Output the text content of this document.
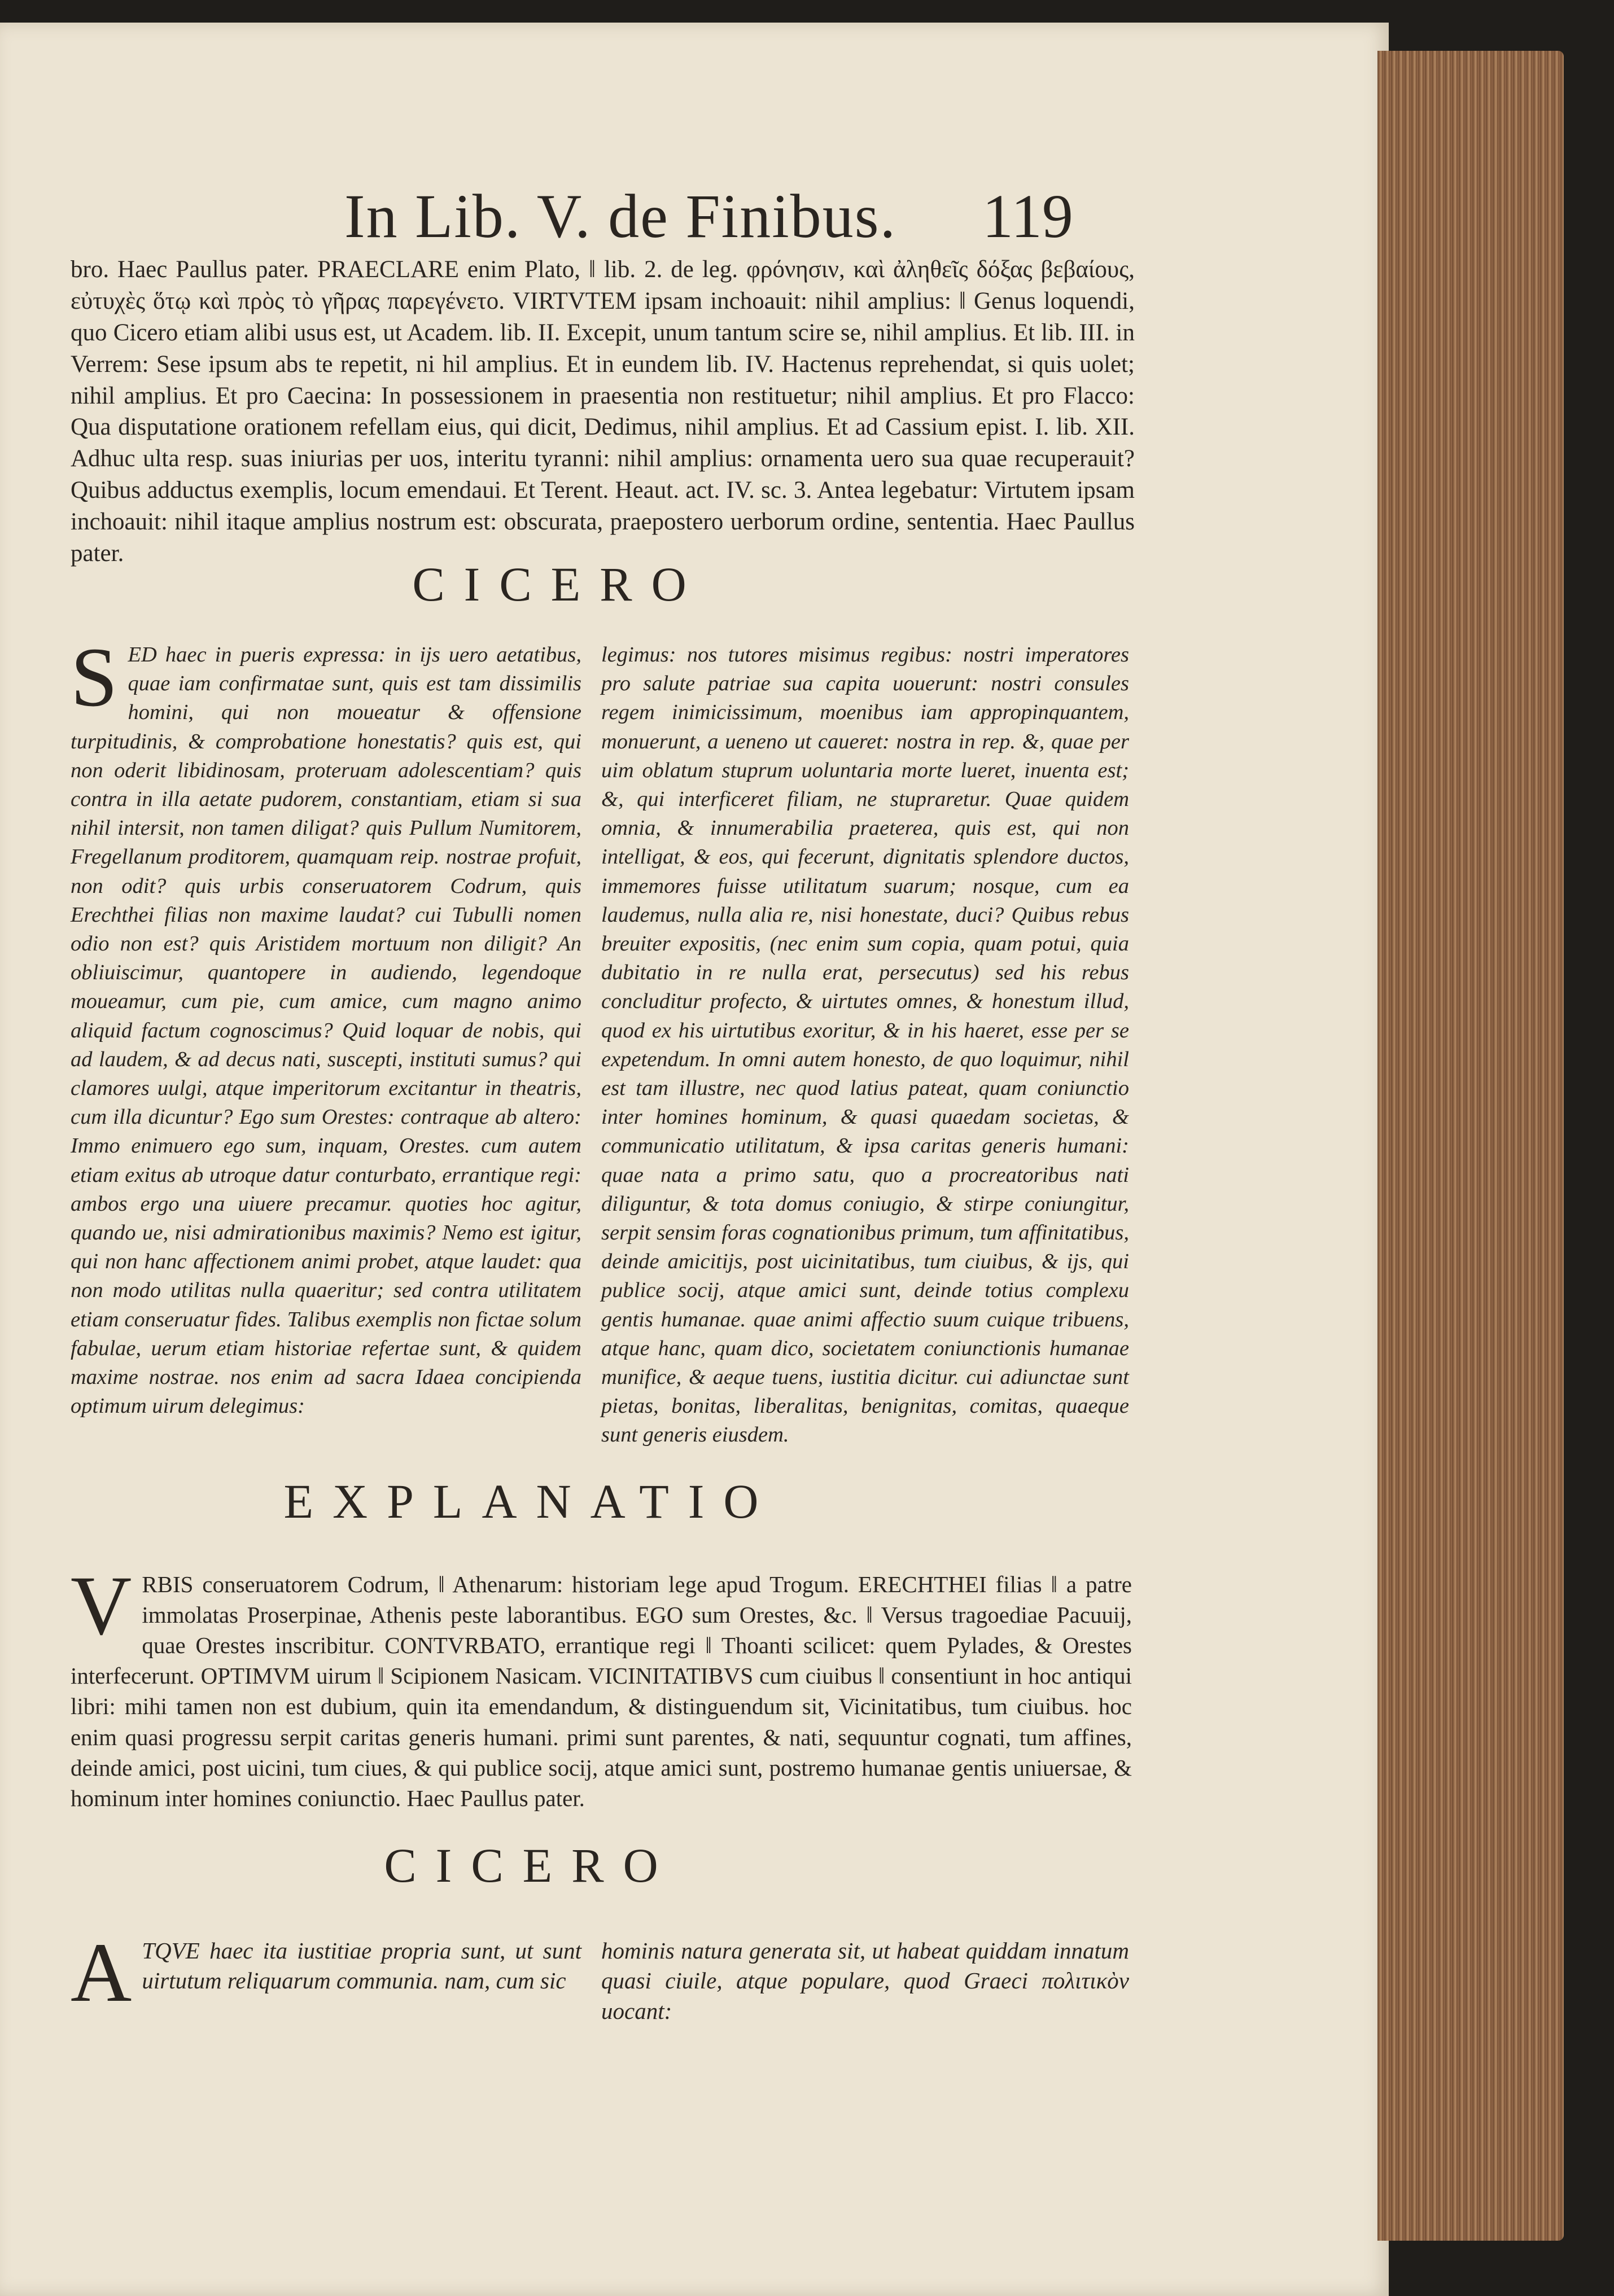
In Lib. V. de Finibus. 119

bro. Haec Paullus pater. PRAECLARE enim Plato, ‖ lib. 2. de leg. φρόνησιν, καὶ ἀληθεῖς δόξας βεβαίους, εὐτυχὲς ὅτῳ καὶ πρὸς τὸ γῆρας παρεγένετο. VIRTVTEM ipsam inchoauit: nihil amplius: ‖ Genus loquendi, quo Cicero etiam alibi usus est, ut Academ. lib. II. Excepit, unum tantum scire se, nihil amplius. Et lib. III. in Verrem: Sese ipsum abs te repetit, ni hil amplius. Et in eundem lib. IV. Hactenus reprehendat, si quis uolet; nihil amplius. Et pro Caecina: In possessionem in praesentia non restituetur; nihil amplius. Et pro Flacco: Qua disputatione orationem refellam eius, qui dicit, Dedimus, nihil amplius. Et ad Cassium epist. I. lib. XII. Adhuc ulta resp. suas iniurias per uos, interitu tyranni: nihil amplius: ornamenta uero sua quae recuperauit? Quibus adductus exemplis, locum emendaui. Et Terent. Heaut. act. IV. sc. 3. Antea legebatur: Virtutem ipsam inchoauit: nihil itaque amplius nostrum est: obscurata, praepostero uerborum ordine, sententia. Haec Paullus pater.

CICERO
S ED haec in pueris expressa: in ijs uero aetatibus, quae iam confirmatae sunt, quis est tam dissimilis homini, qui non moueatur & offensione turpitudinis, & comprobatione honestatis? quis est, qui non oderit libidinosam, proteruam adolescentiam? quis contra in illa aetate pudorem, constantiam, etiam si sua nihil intersit, non tamen diligat? quis Pullum Numitorem, Fregellanum proditorem, quamquam reip. nostrae profuit, non odit? quis urbis conseruatorem Codrum, quis Erechthei filias non maxime laudat? cui Tubulli nomen odio non est? quis Aristidem mortuum non diligit? An obliuiscimur, quantopere in audiendo, legendoque moueamur, cum pie, cum amice, cum magno animo aliquid factum cognoscimus? Quid loquar de nobis, qui ad laudem, & ad decus nati, suscepti, instituti sumus? qui clamores uulgi, atque imperitorum excitantur in theatris, cum illa dicuntur? Ego sum Orestes: contraque ab altero: Immo enimuero ego sum, inquam, Orestes. cum autem etiam exitus ab utroque datur conturbato, errantique regi: ambos ergo una uiuere precamur. quoties hoc agitur, quando ue, nisi admirationibus maximis? Nemo est igitur, qui non hanc affectionem animi probet, atque laudet: qua non modo utilitas nulla quaeritur; sed contra utilitatem etiam conseruatur fides. Talibus exemplis non fictae solum fabulae, uerum etiam historiae refertae sunt, & quidem maxime nostrae. nos enim ad sacra Idaea concipienda optimum uirum delegimus:

legimus: nos tutores misimus regibus: nostri imperatores pro salute patriae sua capita uouerunt: nostri consules regem inimicissimum, moenibus iam appropinquantem, monuerunt, a ueneno ut caueret: nostra in rep. &, quae per uim oblatum stuprum uoluntaria morte lueret, inuenta est; &, qui interficeret filiam, ne stupraretur. Quae quidem omnia, & innumerabilia praeterea, quis est, qui non intelligat, & eos, qui fecerunt, dignitatis splendore ductos, immemores fuisse utilitatum suarum; nosque, cum ea laudemus, nulla alia re, nisi honestate, duci? Quibus rebus breuiter expositis, (nec enim sum copia, quam potui, quia dubitatio in re nulla erat, persecutus) sed his rebus concluditur profecto, & uirtutes omnes, & honestum illud, quod ex his uirtutibus exoritur, & in his haeret, esse per se expetendum. In omni autem honesto, de quo loquimur, nihil est tam illustre, nec quod latius pateat, quam coniunctio inter homines hominum, & quasi quaedam societas, & communicatio utilitatum, & ipsa caritas generis humani: quae nata a primo satu, quo a procreatoribus nati diliguntur, & tota domus coniugio, & stirpe coniungitur, serpit sensim foras cognationibus primum, tum affinitatibus, deinde amicitijs, post uicinitatibus, tum ciuibus, & ijs, qui publice socij, atque amici sunt, deinde totius complexu gentis humanae. quae animi affectio suum cuique tribuens, atque hanc, quam dico, societatem coniunctionis humanae munifice, & aeque tuens, iustitia dicitur. cui adiunctae sunt pietas, bonitas, liberalitas, benignitas, comitas, quaeque sunt generis eiusdem.

EXPLANATIO
V RBIS conseruatorem Codrum, ‖ Athenarum: historiam lege apud Trogum. ERECHTHEI filias ‖ a patre immolatas Proserpinae, Athenis peste laborantibus. EGO sum Orestes, &c. ‖ Versus tragoediae Pacuuij, quae Orestes inscribitur. CONTVRBATO, errantique regi ‖ Thoanti scilicet: quem Pylades, & Orestes interfecerunt. OPTIMVM uirum ‖ Scipionem Nasicam. VICINITATIBVS cum ciuibus ‖ consentiunt in hoc antiqui libri: mihi tamen non est dubium, quin ita emendandum, & distinguendum sit, Vicinitatibus, tum ciuibus. hoc enim quasi progressu serpit caritas generis humani. primi sunt parentes, & nati, sequuntur cognati, tum affines, deinde amici, post uicini, tum ciues, & qui publice socij, atque amici sunt, postremo humanae gentis uniuersae, & hominum inter homines coniunctio. Haec Paullus pater.
CICERO
A TQVE haec ita iustitiae propria sunt, ut sunt uirtutum reliquarum communia. nam, cum sic

hominis natura generata sit, ut habeat quiddam innatum quasi ciuile, atque populare, quod Graeci πολιτικὸν uocant:
